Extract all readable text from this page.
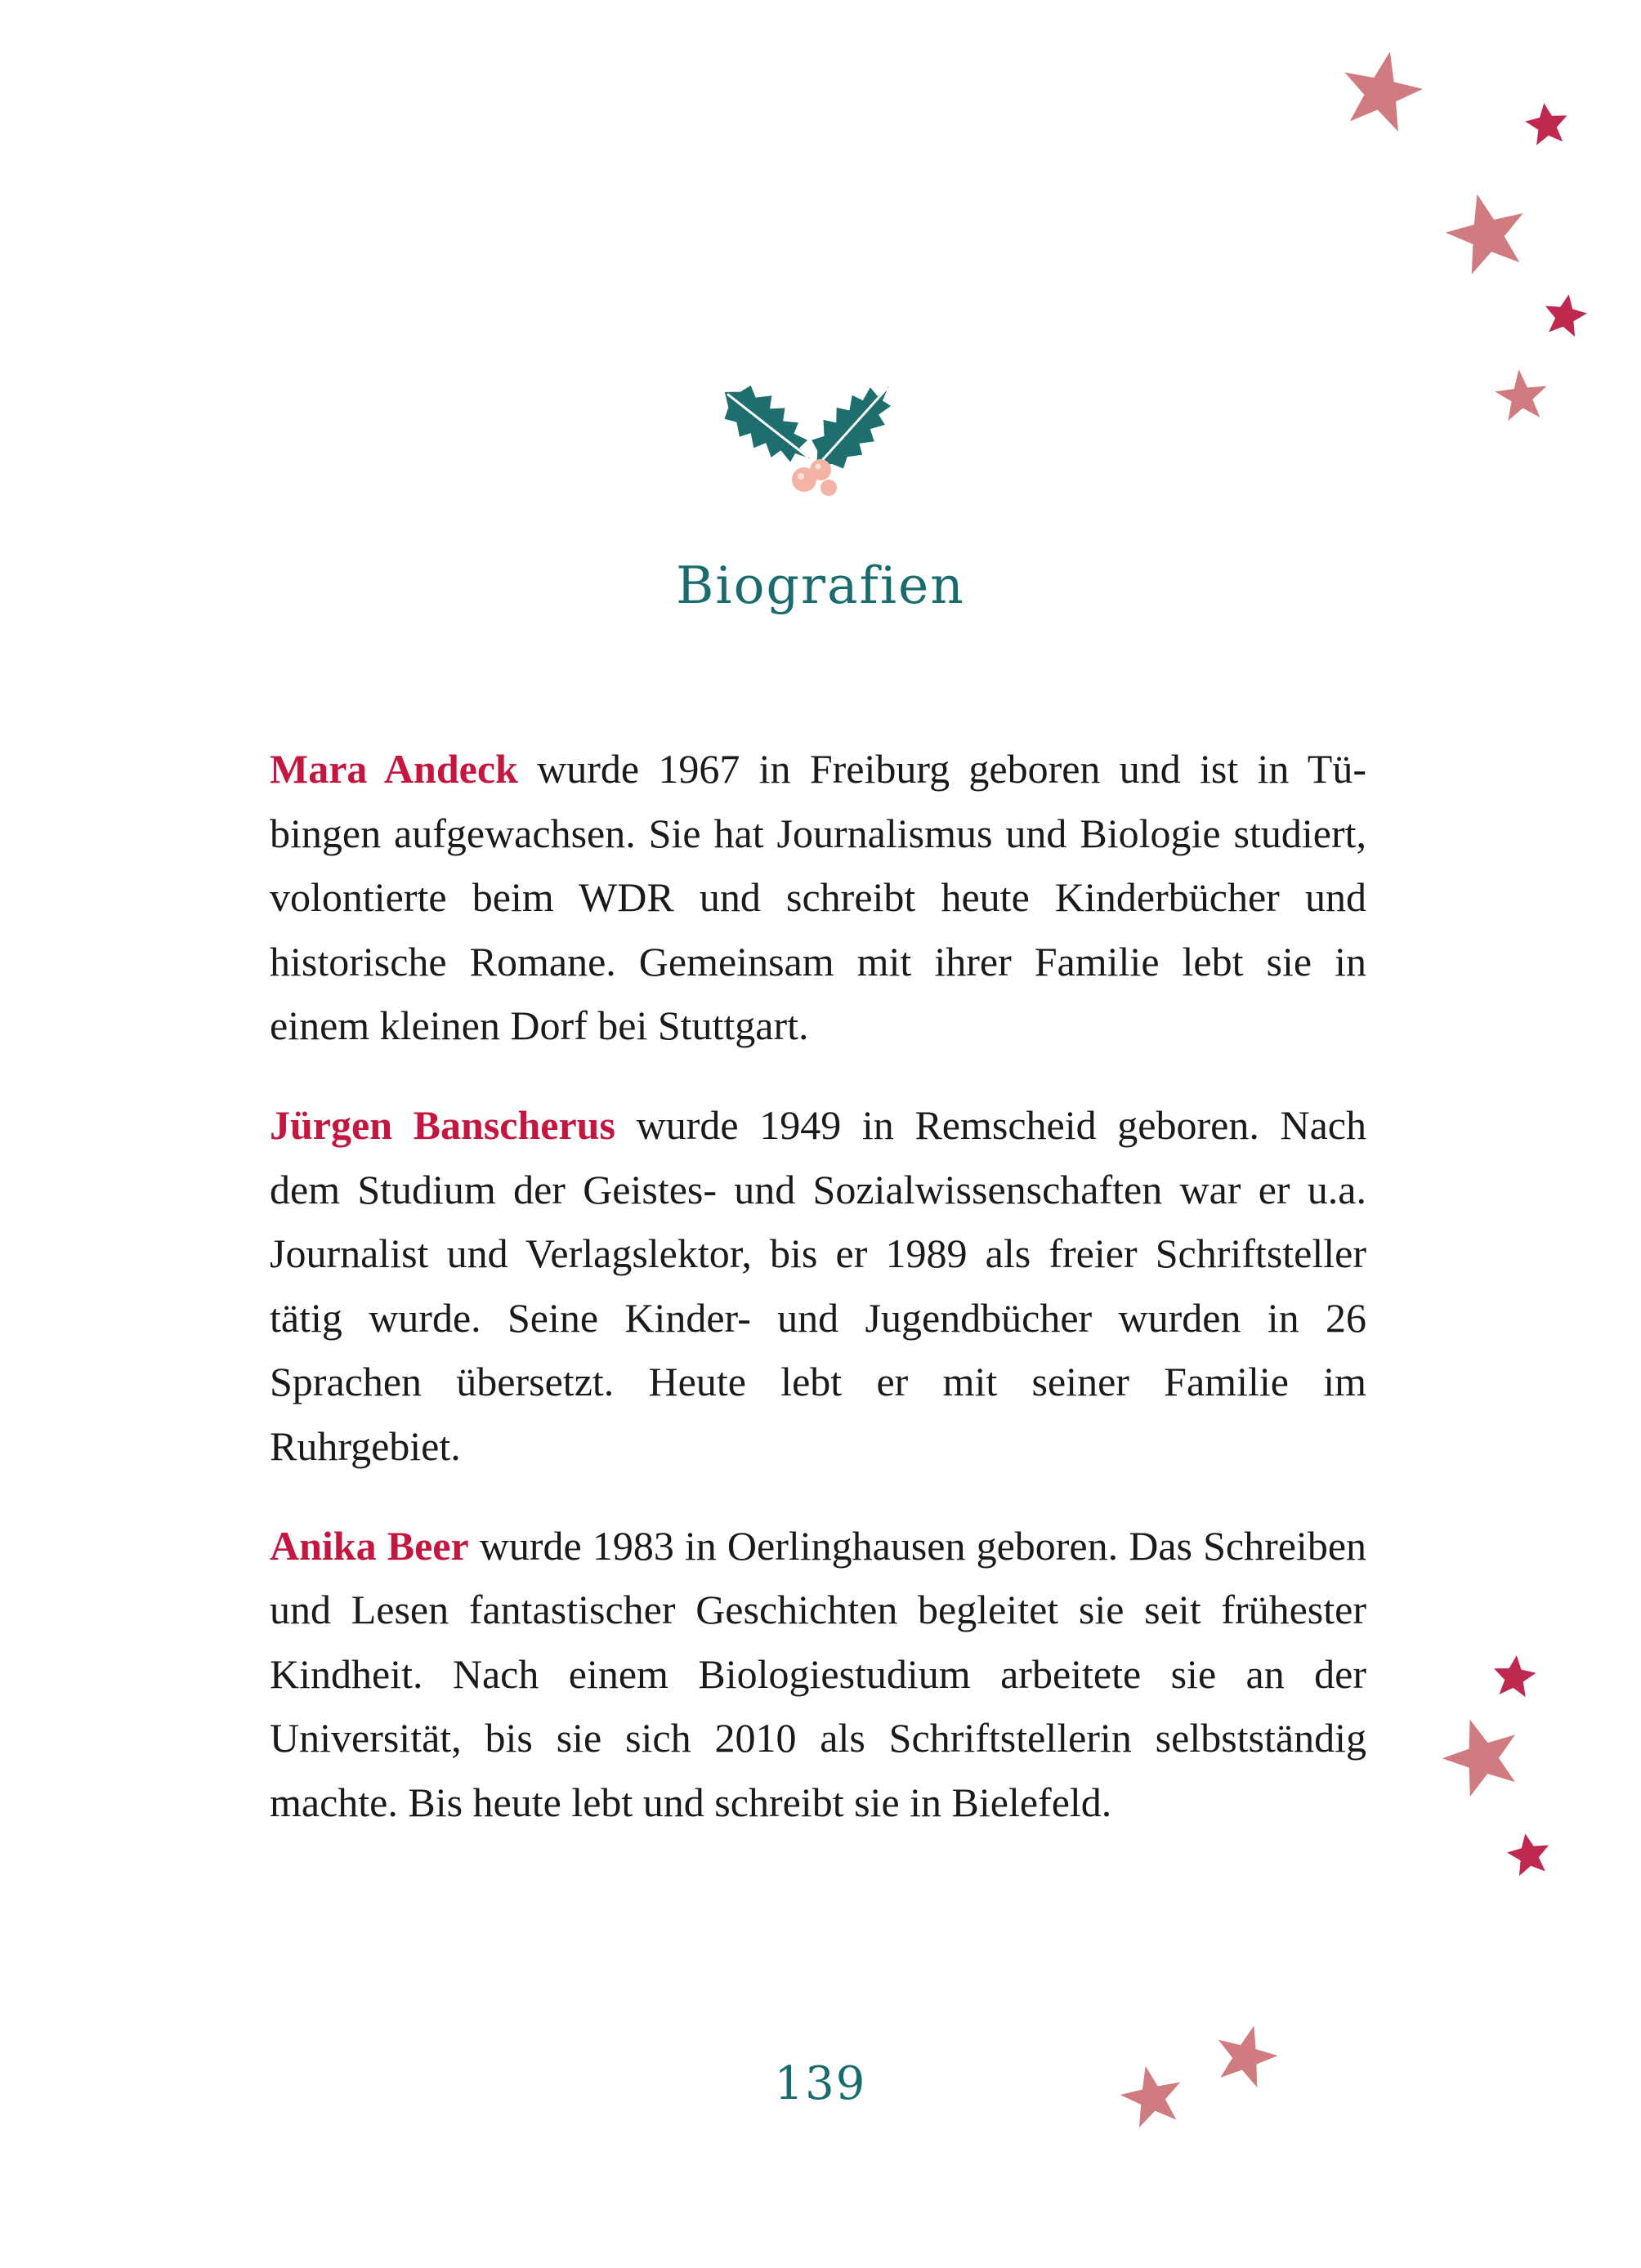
Biografien

Mara Andeck wurde 1967 in Freiburg geboren und ist in Tübingen aufgewachsen. Sie hat Journalismus und Biologie studiert, volontierte beim WDR und schreibt heute Kinderbücher und historische Romane. Gemeinsam mit ihrer Familie lebt sie in einem kleinen Dorf bei Stuttgart.

Jürgen Banscherus wurde 1949 in Remscheid geboren. Nach dem Studium der Geistes- und Sozialwissenschaften war er u.a. Journalist und Verlagslektor, bis er 1989 als freier Schriftsteller tätig wurde. Seine Kinder- und Jugendbücher wurden in 26 Sprachen übersetzt. Heute lebt er mit seiner Familie im Ruhrgebiet.

Anika Beer wurde 1983 in Oerlinghausen geboren. Das Schreiben und Lesen fantastischer Geschichten begleitet sie seit frühester Kindheit. Nach einem Biologiestudium arbeitete sie an der Universität, bis sie sich 2010 als Schriftstellerin selbstständig machte. Bis heute lebt und schreibt sie in Bielefeld.

139
